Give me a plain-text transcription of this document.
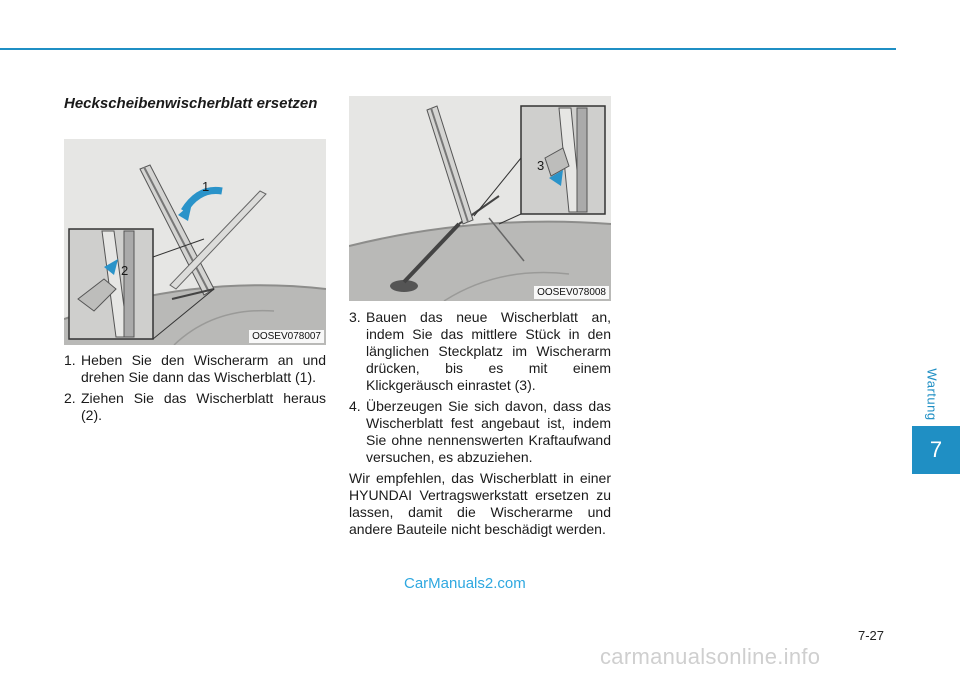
Wartung
7
Heckscheibenwischerblatt ersetzen
1
2
OOSEV078007
3
OOSEV078008
1. Heben Sie den Wischerarm an und drehen Sie dann das Wischerblatt (1).
2. Ziehen Sie das Wischerblatt heraus (2).
3. Bauen das neue Wischerblatt an, indem Sie das mittlere Stück in den länglichen Steckplatz im Wischerarm drücken, bis es mit einem Klickgeräusch einrastet (3).
4. Überzeugen Sie sich davon, dass das Wischerblatt fest angebaut ist, indem Sie ohne nennenswerten Kraftaufwand versuchen, es abzuziehen.
Wir empfehlen, das Wischerblatt in einer HYUNDAI Vertragswerkstatt ersetzen zu lassen, damit die Wischerarme und andere Bauteile nicht beschädigt werden.
CarManuals2.com
7-27
carmanualsonline.info
